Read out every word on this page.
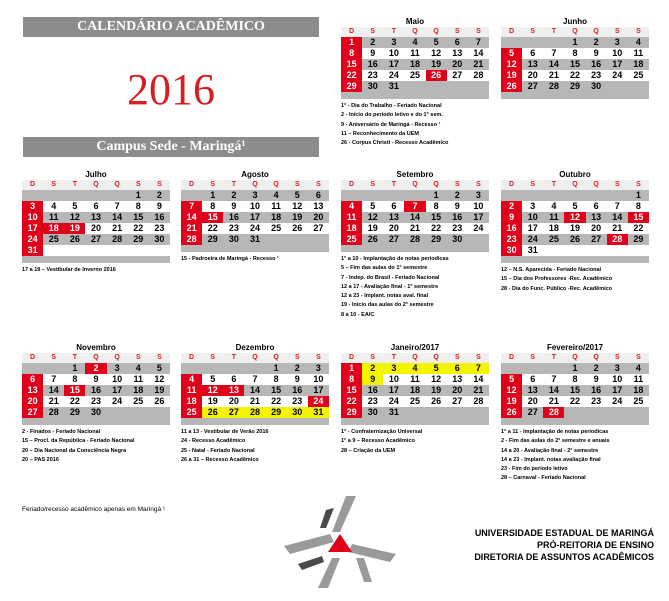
CALENDÁRIO ACADÊMICO
2016
Campus Sede - Maringá¹
Maio
D	S	T	Q	Q	S	S
1	2	3	4	5	6	7
8	9	10	11	12	13	14
15	16	17	18	19	20	21
22	23	24	25	26	27	28
29	30	31				
1° - Dia do Trabalho - Feriado Nacional
2 - Início do período letivo e do 1° sem.
9 - Aniversário de Maringá - Recesso ¹
11 – Reconhecimento da UEM
26 - Corpus Christi - Recesso Acadêmico
Junho
D	S	T	Q	Q	S	S
			1	2	3	4
5	6	7	8	9	10	11
12	13	14	15	16	17	18
19	20	21	22	23	24	25
26	27	28	29	30		
Julho
D	S	T	Q	Q	S	S
					1	2
3	4	5	6	7	8	9
10	11	12	13	14	15	16
17	18	19	20	21	22	23
24	25	26	27	28	29	30
31						
17 a 19 – Vestibular de Inverno 2016
Agosto
D	S	T	Q	Q	S	S
	1	2	3	4	5	6
7	8	9	10	11	12	13
14	15	16	17	18	19	20
21	22	23	24	25	26	27
28	29	30	31			
15 - Padroeira de Maringá - Recesso ¹
Setembro
D	S	T	Q	Q	S	S
				1	2	3
4	5	6	7	8	9	10
11	12	13	14	15	16	17
18	19	20	21	22	23	24
25	26	27	28	29	30	
1° a 10 - Implantação de notas periodicas
5 – Fim das aulas do 1° semestre
7 - Indep. do Brasil - Feriado Nacional
12 a 17 - Avaliação final - 1° semestre
12 a 23 - Implant. notas aval. final
19 - Início das aulas do 2° semestre
8 a 10 - EAIC
Outubro
D	S	T	Q	Q	S	S
						1
2	3	4	5	6	7	8
9	10	11	12	13	14	15
16	17	18	19	20	21	22
23	24	25	26	27	28	29
30	31					
12 – N.S. Aparecida - Feriado Nacional
15 – Dia dos Professores -Rec. Acadêmico
28 - Dia do Func. Público -Rec. Acadêmico
Novembro
D	S	T	Q	Q	S	S
		1	2	3	4	5
6	7	8	9	10	11	12
13	14	15	16	17	18	19
20	21	22	23	24	25	26
27	28	29	30			
2 - Finados - Feriado Nacional
15 – Procl. da República - Feriado Nacional
20 – Dia Nacional da Consciência Negra
20 – PAS 2016
Dezembro
D	S	T	Q	Q	S	S
				1	2	3
4	5	6	7	8	9	10
11	12	13	14	15	16	17
18	19	20	21	22	23	24
25	26	27	28	29	30	31
11 a 13 - Vestibular de Verão 2016
24 - Recesso Acadêmico
25 - Natal - Feriado Nacional
26 a 31 – Recesso Acadêmico
Janeiro/2017
D	S	T	Q	Q	S	S
1	2	3	4	5	6	7
8	9	10	11	12	13	14
15	16	17	18	19	20	21
22	23	24	25	26	27	28
29	30	31				
1° - Confraternização Universal
1° a 9 – Recesso Acadêmico
28 – Criação da UEM
Fevereiro/2017
D	S	T	Q	Q	S	S
			1	2	3	4
5	6	7	8	9	10	11
12	13	14	15	16	17	18
19	20	21	22	23	24	25
26	27	28				
1° a 11 - Implantação de notas periodicas
2 - Fim das aulas do 2° semestre e anuais
14 a 20 - Avaliação final - 2° semestre
14 a 23 - Implant. notas avaliação final
23 - Fim do período letivo
28 – Carnaval - Feriado Nacional
Feriado/recesso acadêmico apenas em Maringá ¹
UNIVERSIDADE ESTADUAL DE MARINGÁ
PRÓ-REITORIA DE ENSINO
DIRETORIA DE ASSUNTOS ACADÊMICOS
